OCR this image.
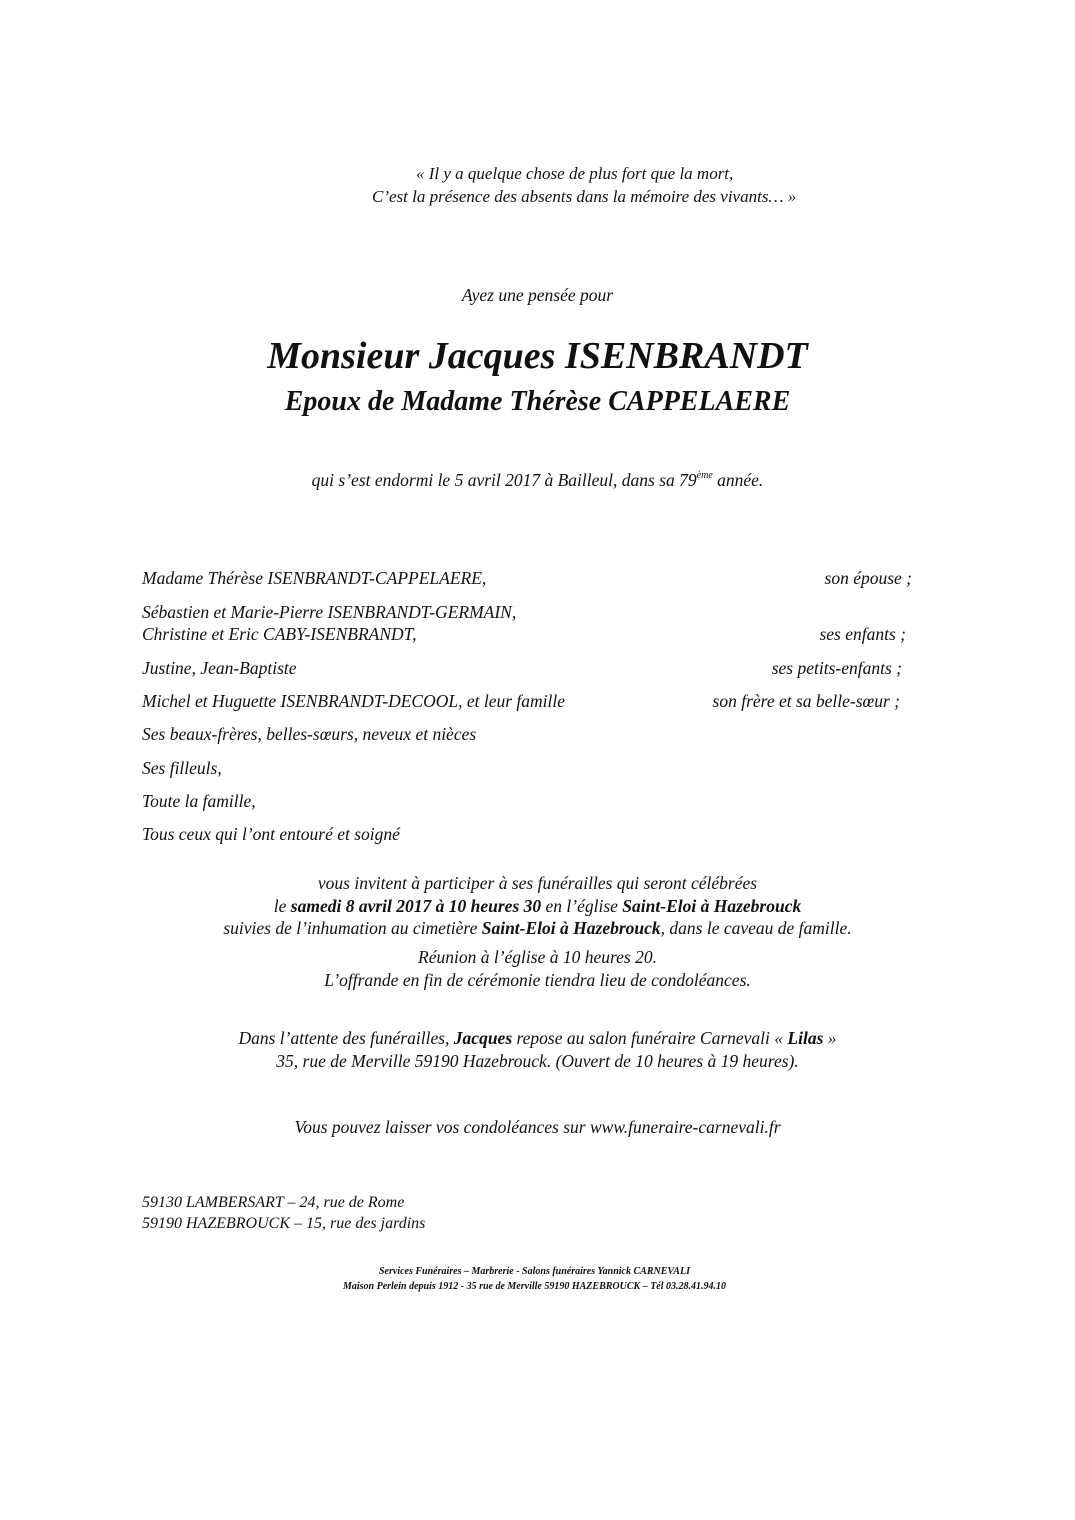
« Il y a quelque chose de plus fort que la mort,
C’est la présence des absents dans la mémoire des vivants… »
Ayez une pensée pour
Monsieur Jacques ISENBRANDT
Epoux de Madame Thérèse CAPPELAERE
qui s’est endormi le 5 avril 2017 à Bailleul, dans sa 79ème année.
Madame Thérèse ISENBRANDT-CAPPELAERE,	son épouse ;
Sébastien et Marie-Pierre ISENBRANDT-GERMAIN,
Christine et Eric CABY-ISENBRANDT,	ses enfants ;
Justine, Jean-Baptiste	ses petits-enfants ;
Michel et Huguette ISENBRANDT-DECOOL, et leur famille	son frère et sa belle-sœur ;
Ses beaux-frères, belles-sœurs, neveux et nièces
Ses filleuls,
Toute la famille,
Tous ceux qui l’ont entouré et soigné
vous invitent à participer à ses funérailles qui seront célébrées
le samedi 8 avril 2017 à 10 heures 30 en l’église Saint-Eloi à Hazebrouck
suivies de l’inhumation au cimetière Saint-Eloi à Hazebrouck, dans le caveau de famille.
Réunion à l’église à 10 heures 20.
L’offrande en fin de cérémonie tiendra lieu de condoléances.
Dans l’attente des funérailles, Jacques repose au salon funéraire Carnevali « Lilas »
35, rue de Merville 59190 Hazebrouck. (Ouvert de 10 heures à 19 heures).
Vous pouvez laisser vos condoléances sur www.funeraire-carnevali.fr
59130 LAMBERSART – 24, rue de Rome
59190 HAZEBROUCK – 15, rue des jardins
Services Funéraires – Marbrerie - Salons funéraires Yannick CARNEVALI
Maison Perlein depuis 1912 - 35 rue de Merville 59190 HAZEBROUCK – Tél 03.28.41.94.10
